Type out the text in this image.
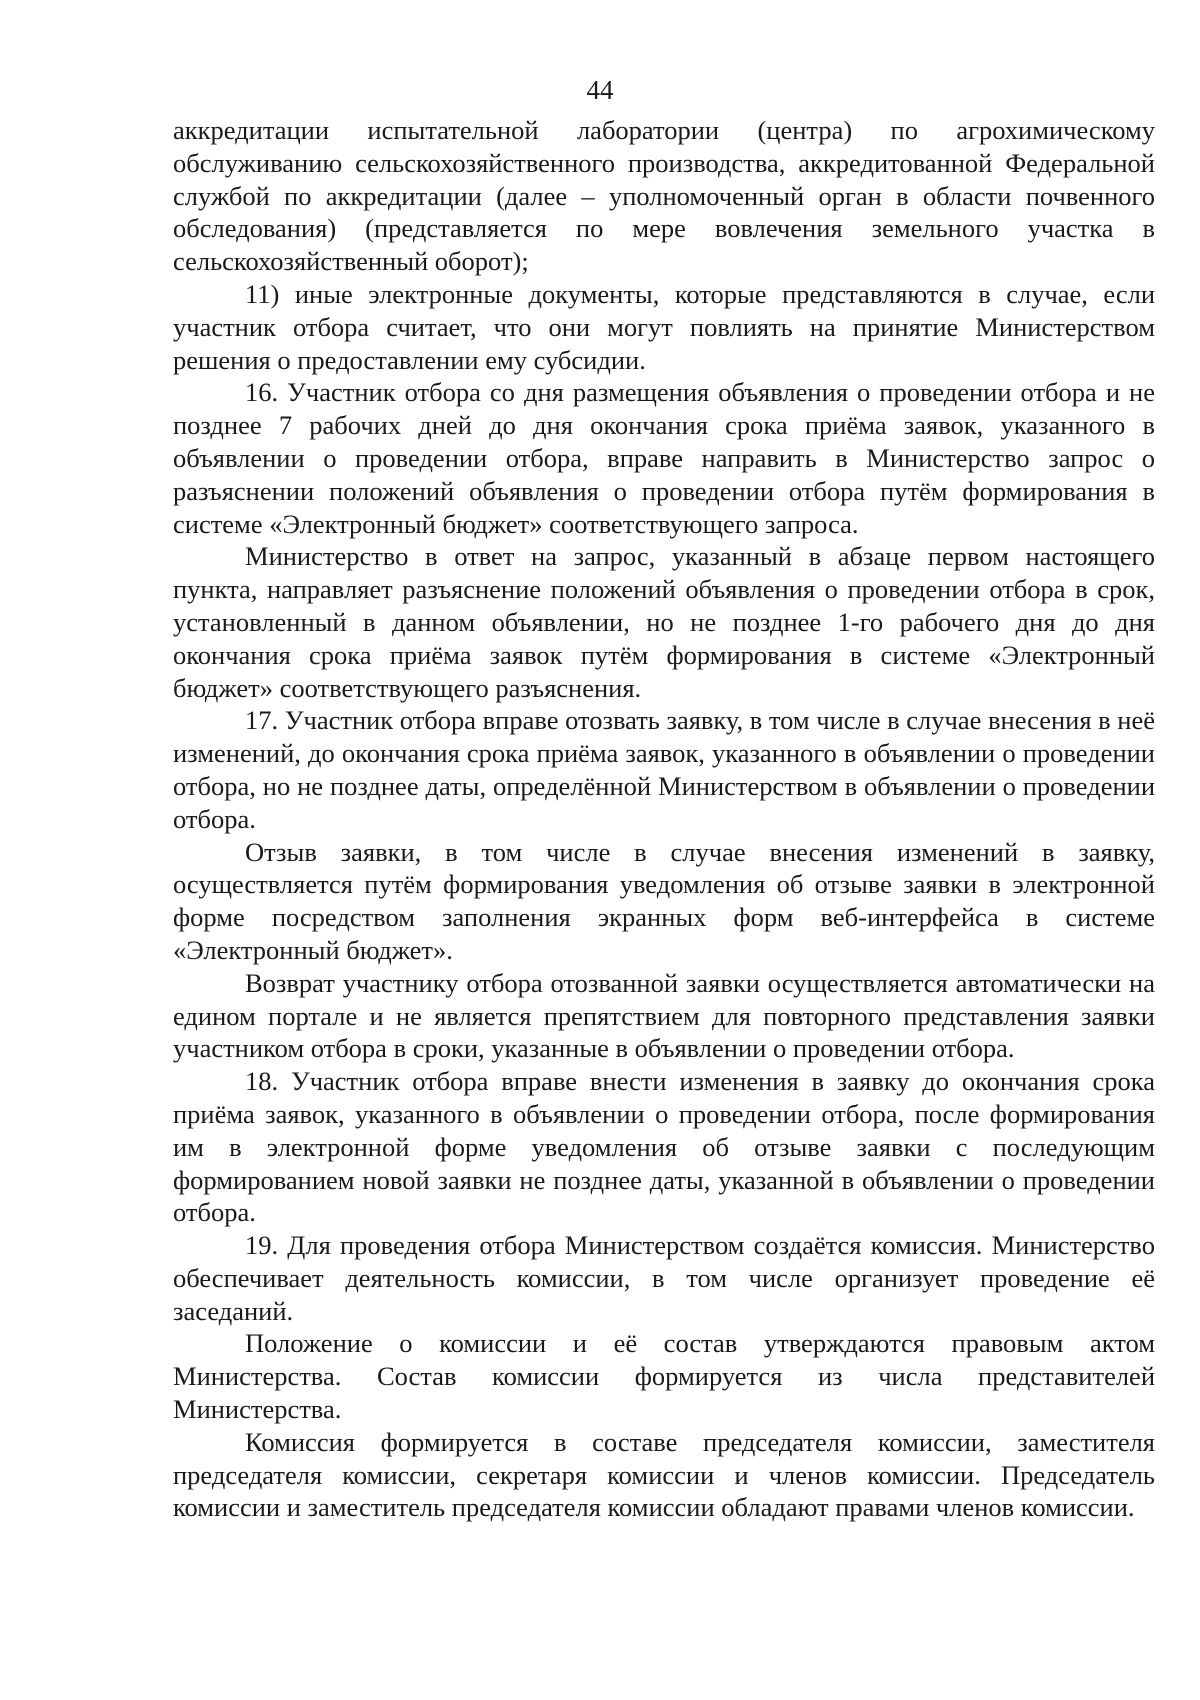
44

аккредитации испытательной лаборатории (центра) по агрохимическому обслуживанию сельскохозяйственного производства, аккредитованной Федеральной службой по аккредитации (далее – уполномоченный орган в области почвенного обследования) (представляется по мере вовлечения земельного участка в сельскохозяйственный оборот);

11) иные электронные документы, которые представляются в случае, если участник отбора считает, что они могут повлиять на принятие Министерством решения о предоставлении ему субсидии.

16. Участник отбора со дня размещения объявления о проведении отбора и не позднее 7 рабочих дней до дня окончания срока приёма заявок, указанного в объявлении о проведении отбора, вправе направить в Министерство запрос о разъяснении положений объявления о проведении отбора путём формирования в системе «Электронный бюджет» соответствующего запроса.

Министерство в ответ на запрос, указанный в абзаце первом настоящего пункта, направляет разъяснение положений объявления о проведении отбора в срок, установленный в данном объявлении, но не позднее 1-го рабочего дня до дня окончания срока приёма заявок путём формирования в системе «Электронный бюджет» соответствующего разъяснения.

17. Участник отбора вправе отозвать заявку, в том числе в случае внесения в неё изменений, до окончания срока приёма заявок, указанного в объявлении о проведении отбора, но не позднее даты, определённой Министерством в объявлении о проведении отбора.

Отзыв заявки, в том числе в случае внесения изменений в заявку, осуществляется путём формирования уведомления об отзыве заявки в электронной форме посредством заполнения экранных форм веб-интерфейса в системе «Электронный бюджет».

Возврат участнику отбора отозванной заявки осуществляется автоматически на едином портале и не является препятствием для повторного представления заявки участником отбора в сроки, указанные в объявлении о проведении отбора.

18. Участник отбора вправе внести изменения в заявку до окончания срока приёма заявок, указанного в объявлении о проведении отбора, после формирования им в электронной форме уведомления об отзыве заявки с последующим формированием новой заявки не позднее даты, указанной в объявлении о проведении отбора.

19. Для проведения отбора Министерством создаётся комиссия. Министерство обеспечивает деятельность комиссии, в том числе организует проведение её заседаний.

Положение о комиссии и её состав утверждаются правовым актом Министерства. Состав комиссии формируется из числа представителей Министерства.

Комиссия формируется в составе председателя комиссии, заместителя председателя комиссии, секретаря комиссии и членов комиссии. Председатель комиссии и заместитель председателя комиссии обладают правами членов комиссии.
